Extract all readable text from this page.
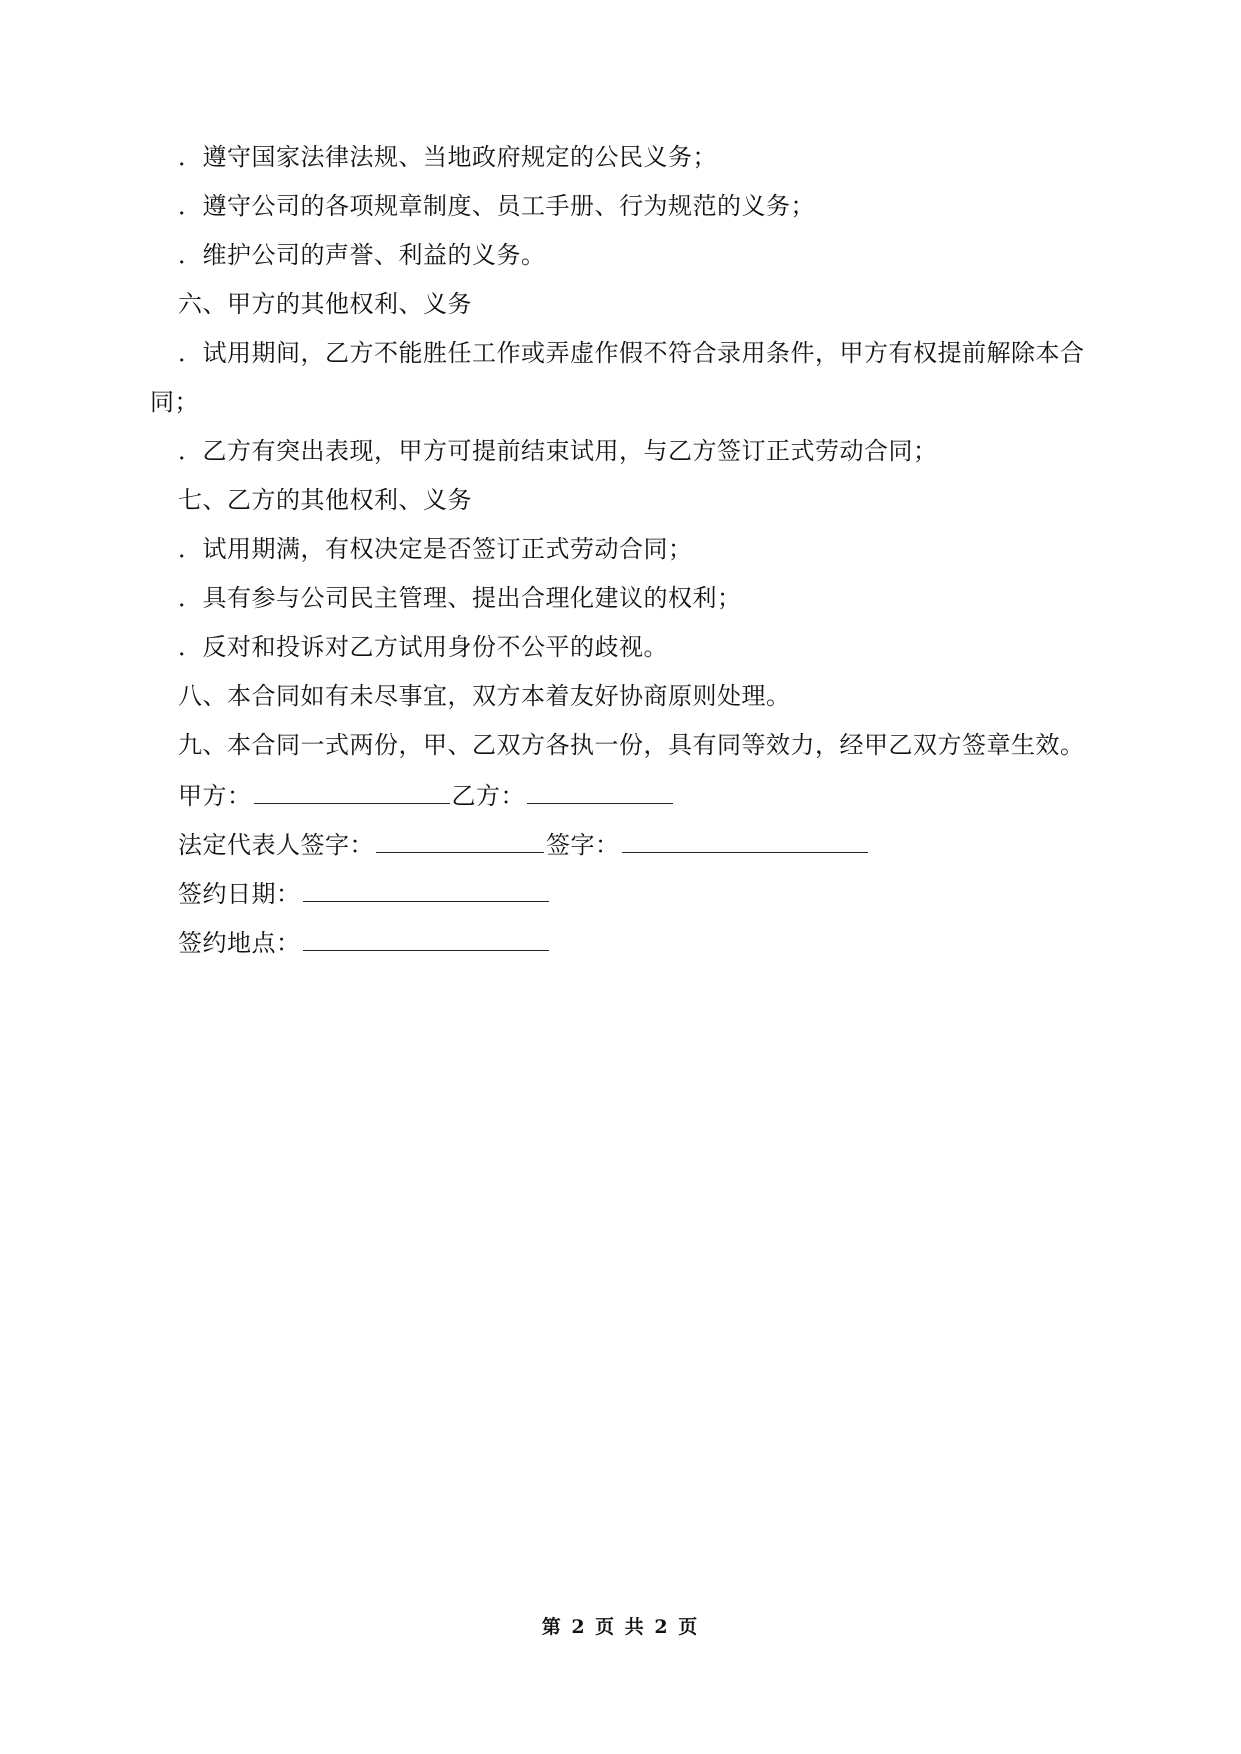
．遵守国家法律法规、当地政府规定的公民义务；
．遵守公司的各项规章制度、员工手册、行为规范的义务；
．维护公司的声誉、利益的义务。
六、甲方的其他权利、义务
．试用期间，乙方不能胜任工作或弄虚作假不符合录用条件，甲方有权提前解除本合
同；
．乙方有突出表现，甲方可提前结束试用，与乙方签订正式劳动合同；
七、乙方的其他权利、义务
．试用期满，有权决定是否签订正式劳动合同；
．具有参与公司民主管理、提出合理化建议的权利；
．反对和投诉对乙方试用身份不公平的歧视。
八、本合同如有未尽事宜，双方本着友好协商原则处理。
九、本合同一式两份，甲、乙双方各执一份，具有同等效力，经甲乙双方签章生效。
甲方：	乙方：
法定代表人签字：	签字：
签约日期：
签约地点：
第 2 页 共 2 页
